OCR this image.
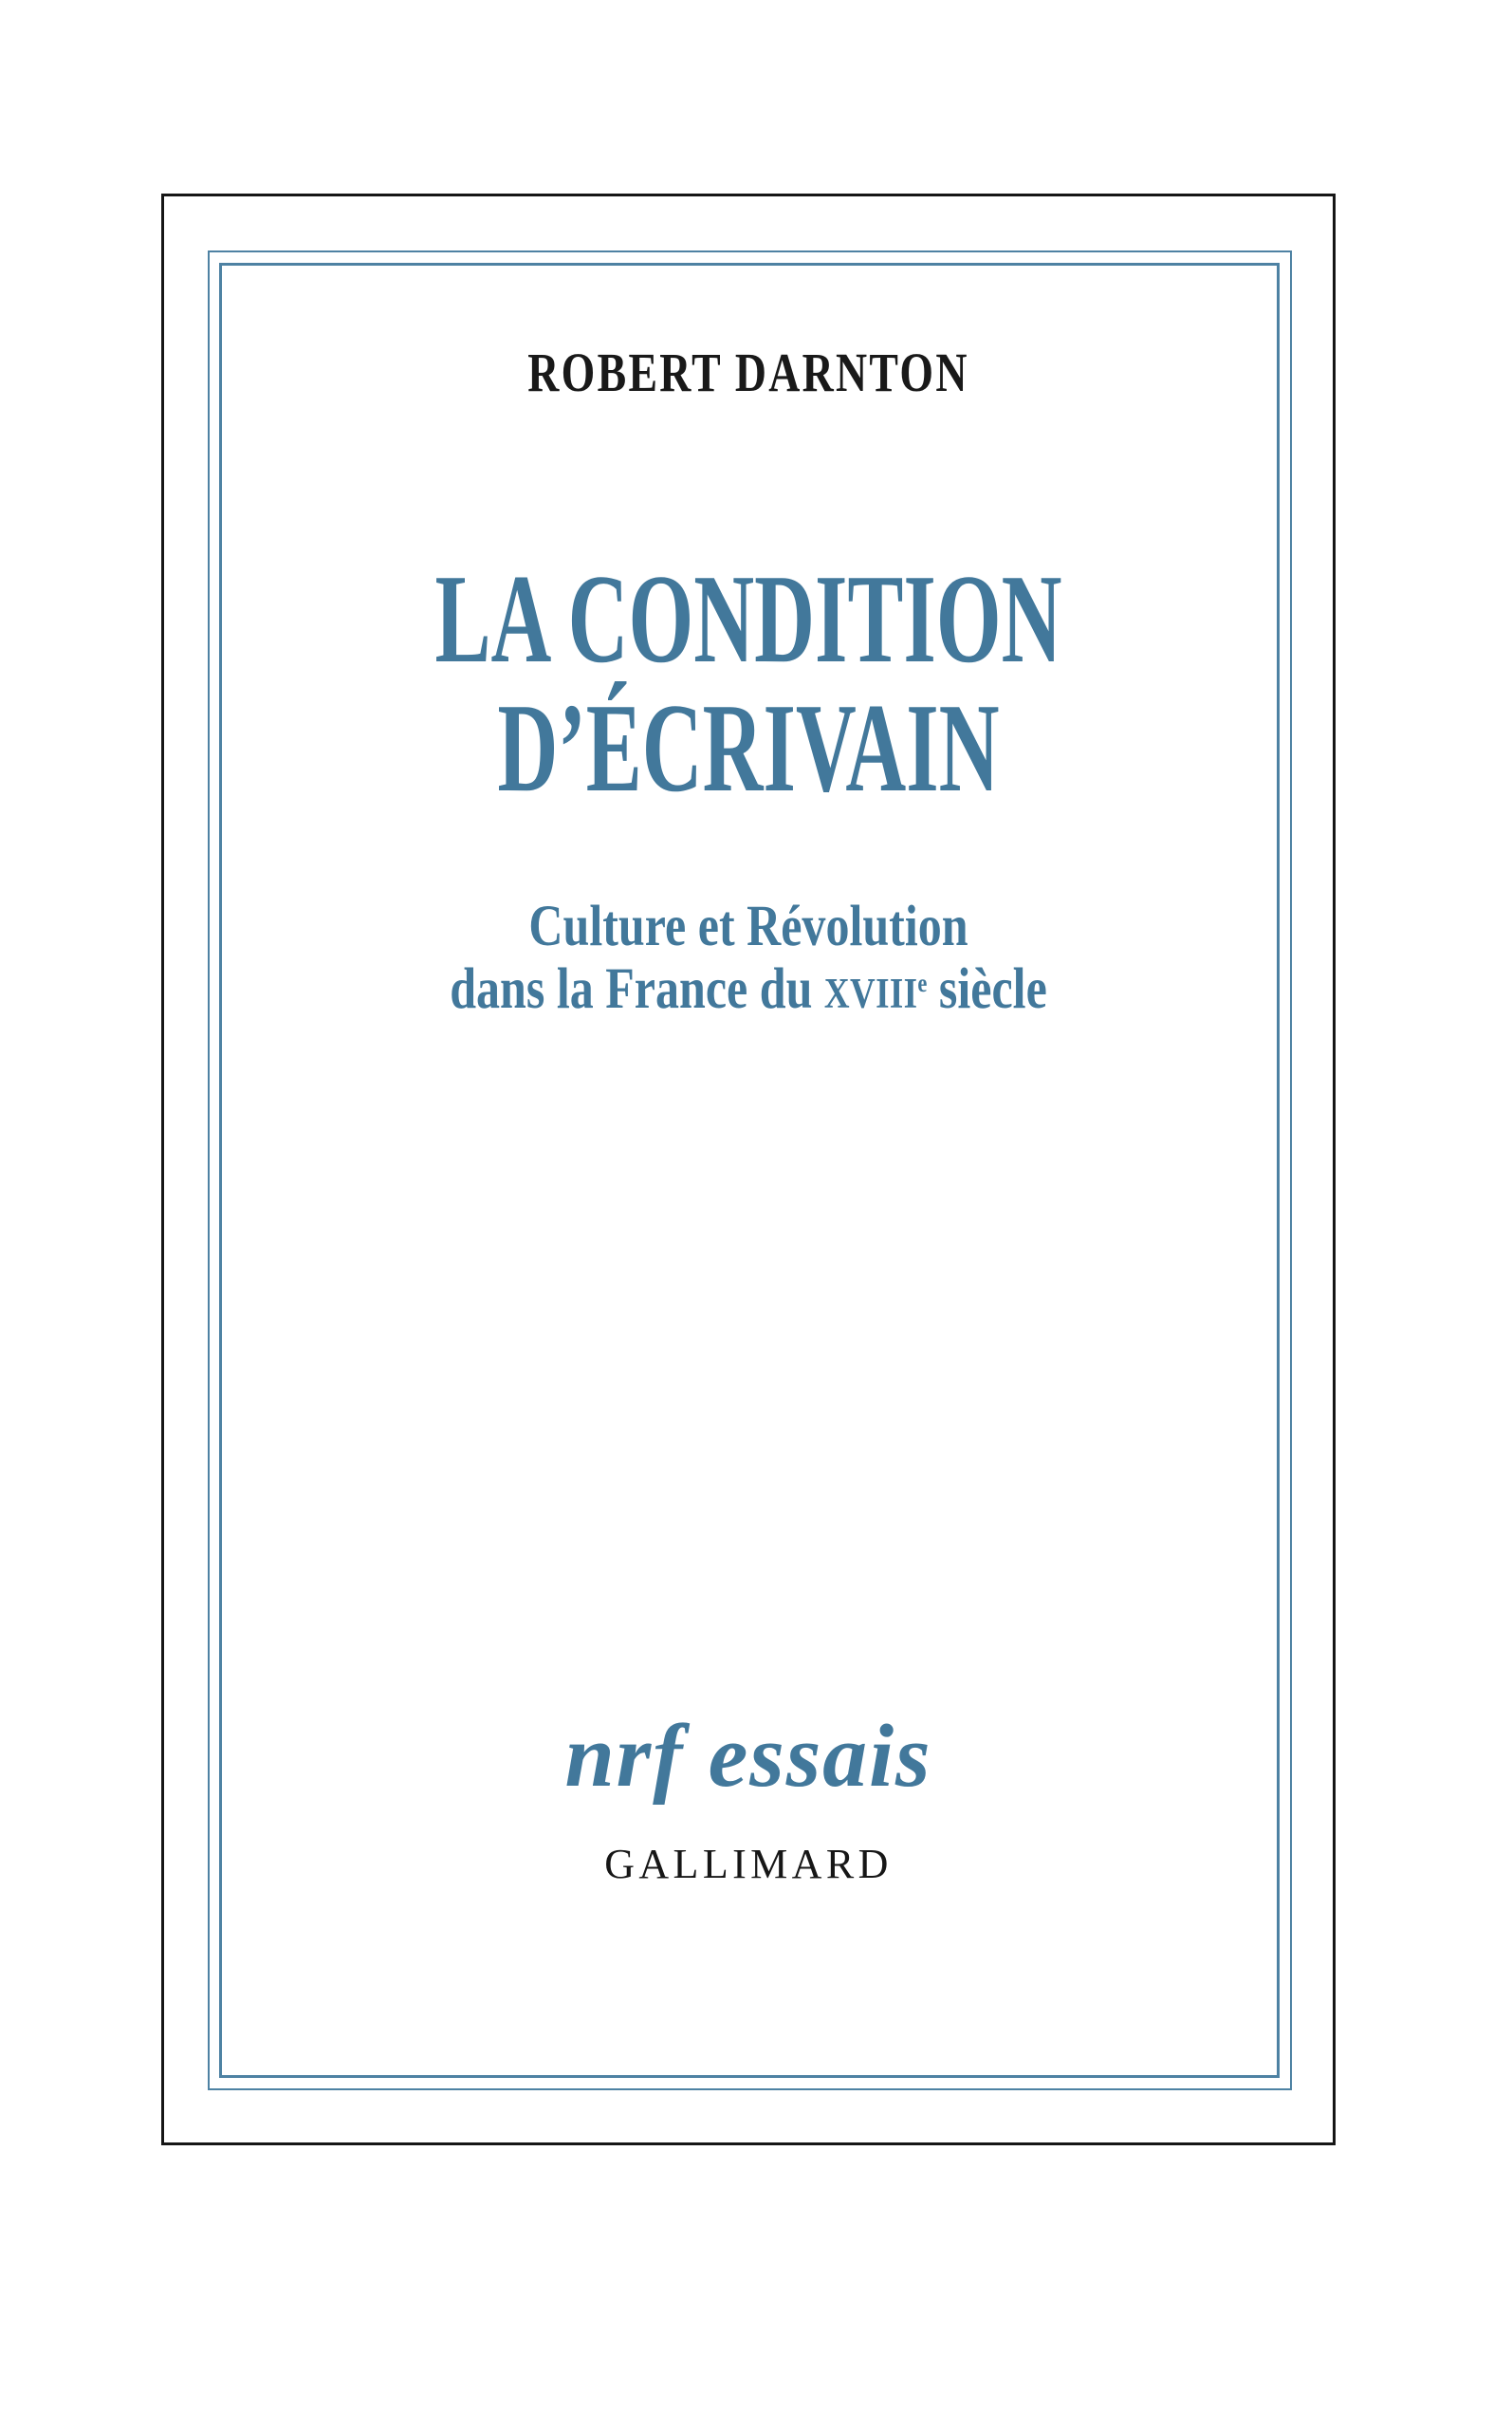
ROBERT DARNTON
LA CONDITION
D’ÉCRIVAIN
Culture et Révolution
dans la France du XVIIIe siècle
nrf essais
GALLIMARD
